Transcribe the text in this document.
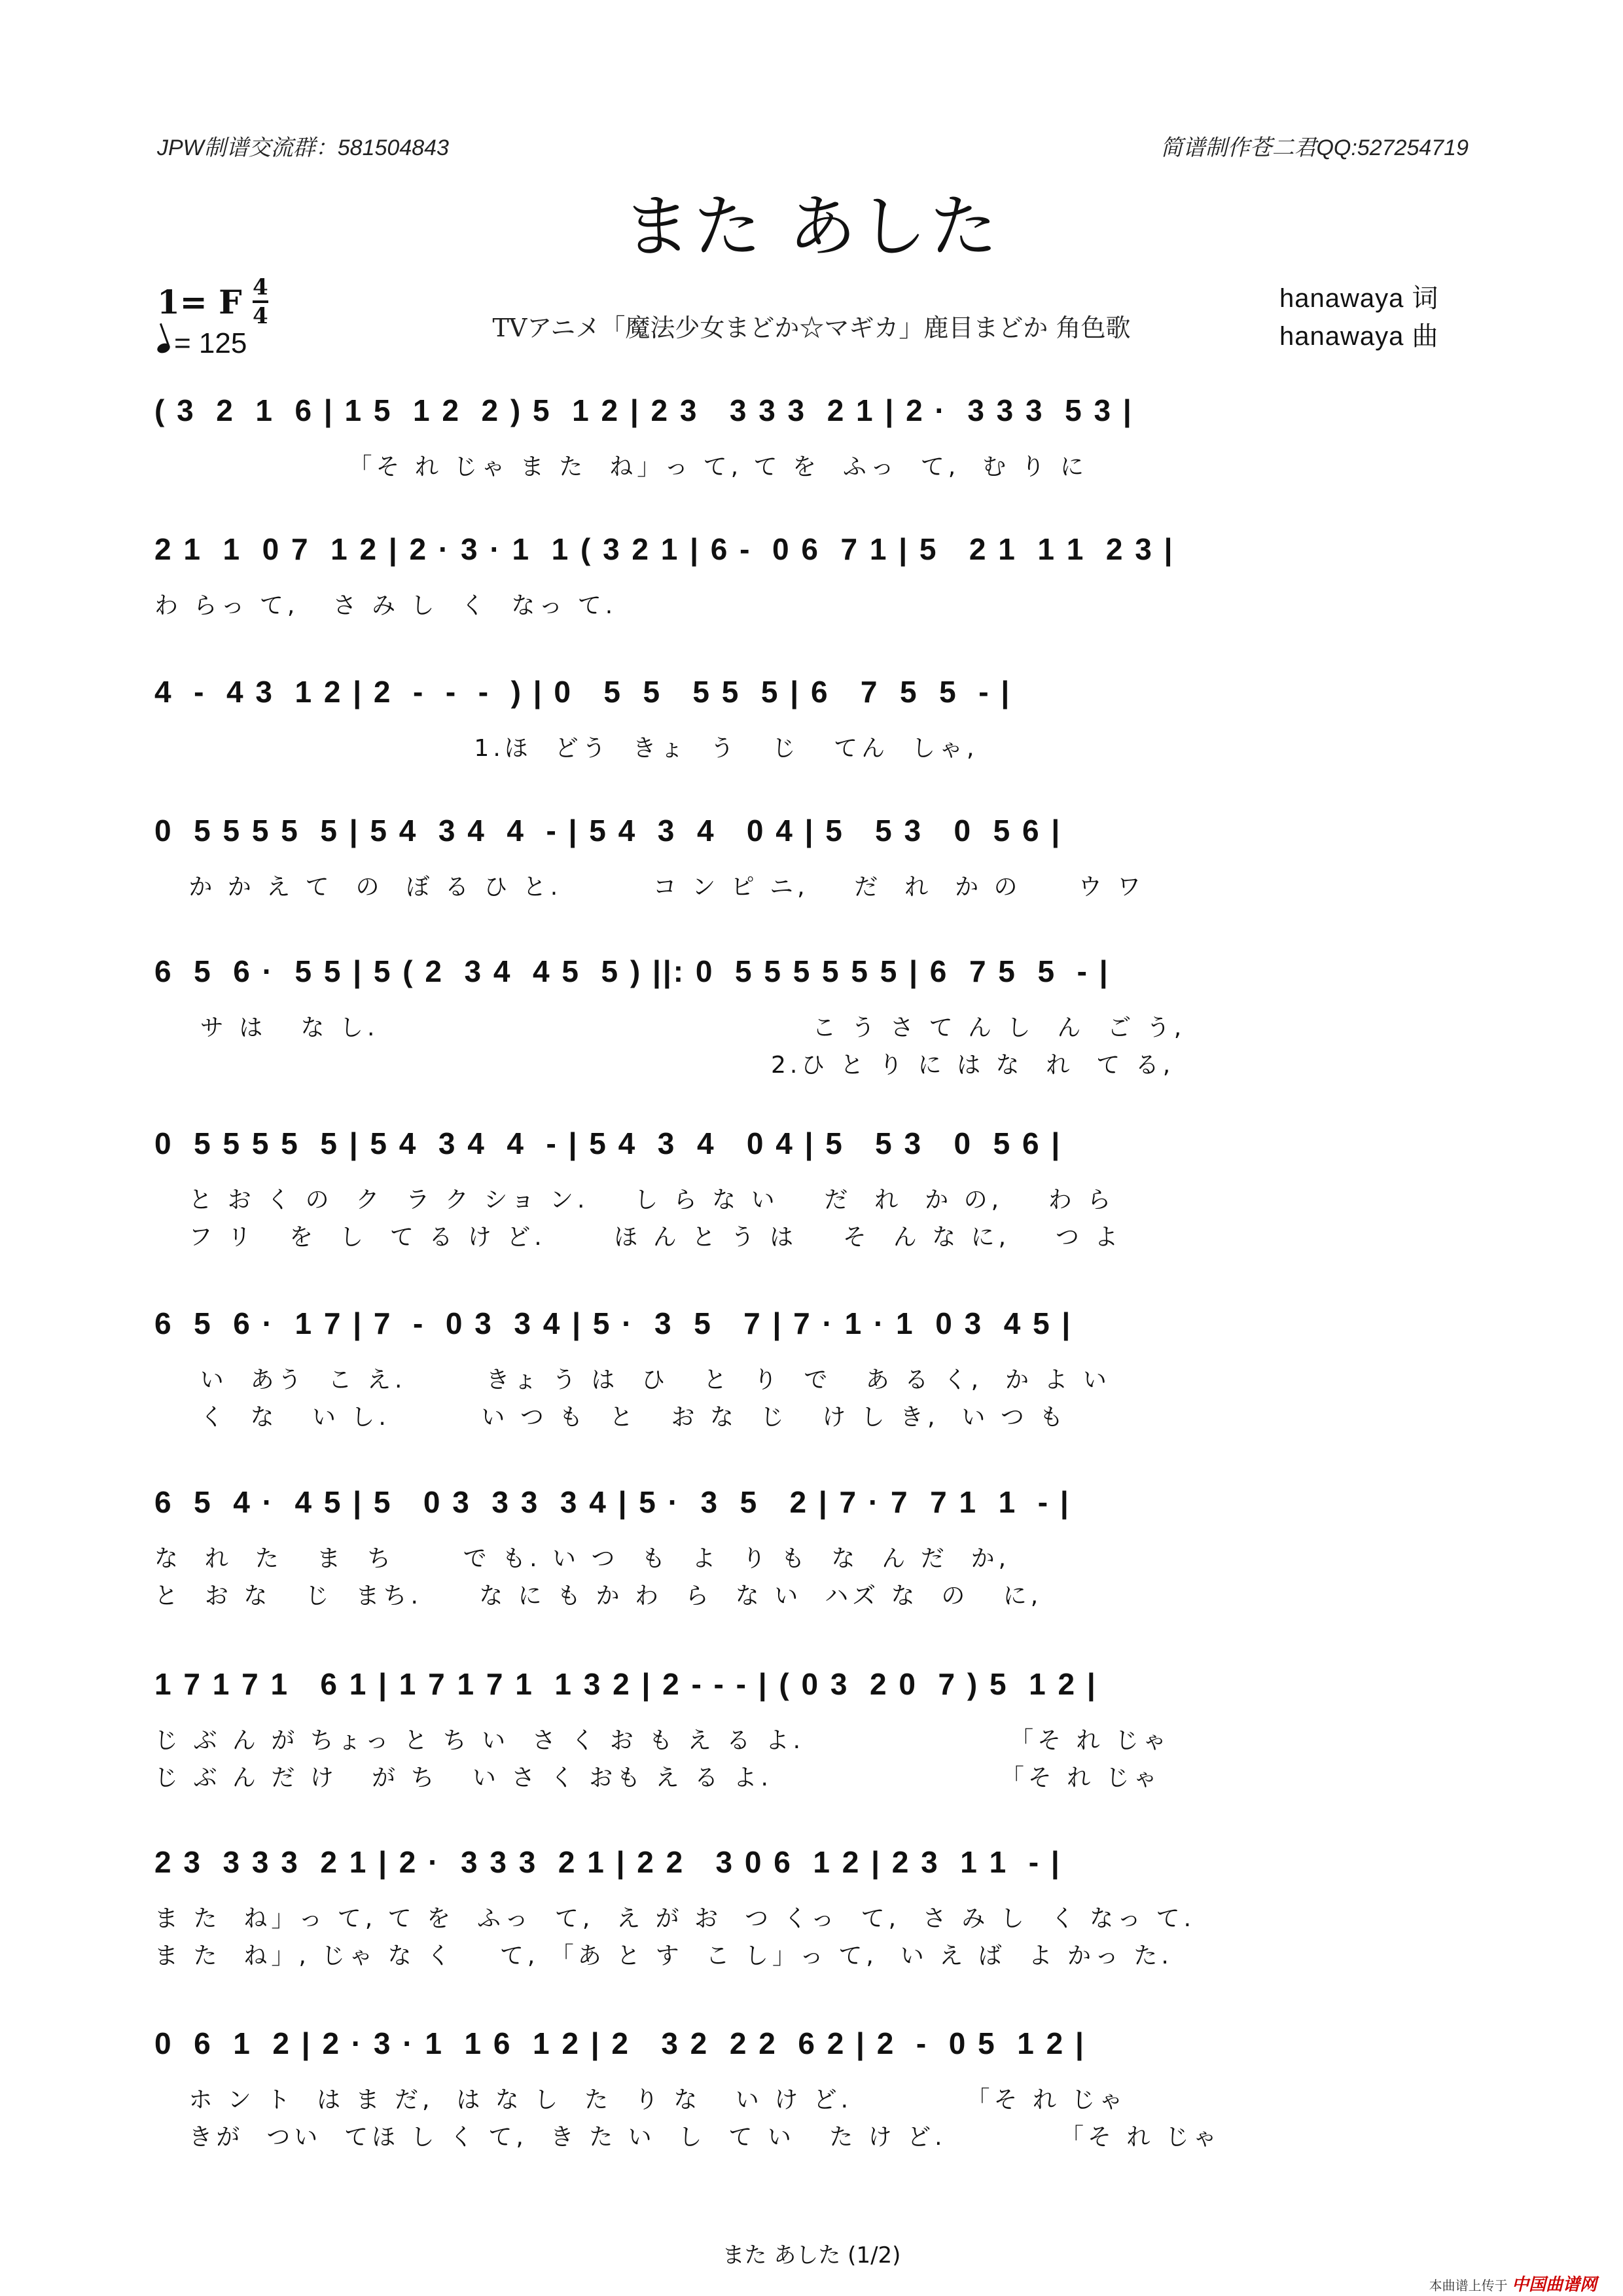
JPW制谱交流群：581504843	简谱制作苍二君QQ:527254719
また あした
1= F 4
4
= 125	TVアニメ「魔法少女まどか☆マギカ」鹿目まどか 角色歌
hanawaya 词
hanawaya 曲
( 3  2  1  6 | 1 5  1 2  2 ) 5  1 2 | 2 3   3 3 3  2 1 | 2 ·  3 3 3  5 3 |
「そ れ じゃ ま た  ね」っ て, て を  ふっ  て,  む り に
2 1  1  0 7  1 2 | 2 · 3 · 1  1 ( 3 2 1 | 6 -  0 6  7 1 | 5   2 1  1 1  2 3 |
わ らっ て,   さ み し  く  なっ て.
4  -  4 3  1 2 | 2  -  -  -  ) | 0   5  5   5 5  5 | 6   7  5  5  - |
1.ほ  どう  きょ  う   じ   てん  しゃ,
0  5 5 5 5  5 | 5 4  3 4  4  - | 5 4  3  4   0 4 | 5   5 3   0  5 6 |
か か え て  の  ぼ る ひ と.        コ ン ピ ニ,    だ  れ  か の     ウ ワ
6  5  6 ·  5 5 | 5 ( 2  3 4  4 5  5 ) ||: 0  5 5 5 5 5 5 | 6  7 5  5  - |
サ は   な し.                                      こ う さ て ん し  ん  ご う,
2.ひ と り に は な  れ  て る,
0  5 5 5 5  5 | 5 4  3 4  4  - | 5 4  3  4   0 4 | 5   5 3   0  5 6 |
と お く の  ク  ラ ク ショ ン.    し ら な い    だ  れ  か の,    わ ら
フ リ   を  し  て る け ど.      ほ ん と う は    そ  ん な に,    つ よ
6  5  6 ·  1 7 | 7  -  0 3  3 4 | 5 ·  3  5   7 | 7 · 1 · 1  0 3  4 5 |
い  あう  こ え.       きょ う は  ひ   と  り  で   あ る く,  か よ い
く  な   い し.        い つ も  と   お な  じ   け し き,  い つ も
6  5  4 ·  4 5 | 5   0 3  3 3  3 4 | 5 ·  3  5   2 | 7 · 7  7 1  1  - |
な  れ  た   ま  ち      で も. い つ  も  よ  り も  な  ん だ  か,
と  お な   じ  まち.     な に も か わ  ら  な い  ハズ な  の   に,
1 7 1 7 1   6 1 | 1 7 1 7 1  1 3 2 | 2 - - - | ( 0 3  2 0  7 ) 5  1 2 |
じ ぶ ん が ちょっ と ち い  さ く お も え る よ.                  「そ れ じゃ
じ ぶ ん だ け   が ち   い さ く おも え る よ.                    「そ れ じゃ
2 3  3 3 3  2 1 | 2 ·  3 3 3  2 1 | 2 2   3 0 6  1 2 | 2 3  1 1  - |
ま た  ね」っ て, て を  ふっ  て,  え が お  つ くっ  て,  さ み し  く なっ て.
ま た  ね」, じゃ な く    て, 「あ と す  こ し」っ て,  い え ば  よ かっ た.
0  6  1  2 | 2 · 3 · 1  1 6  1 2 | 2   3 2  2 2  6 2 | 2  -  0 5  1 2 |
ホ ン ト  は ま だ,  は な し  た  り な   い け ど.          「そ れ じゃ
きが  つい  てほ し く て,  き た い  し  て い   た け ど.          「そ れ じゃ
また あした (1/2)
本曲谱上传于 中国曲谱网
